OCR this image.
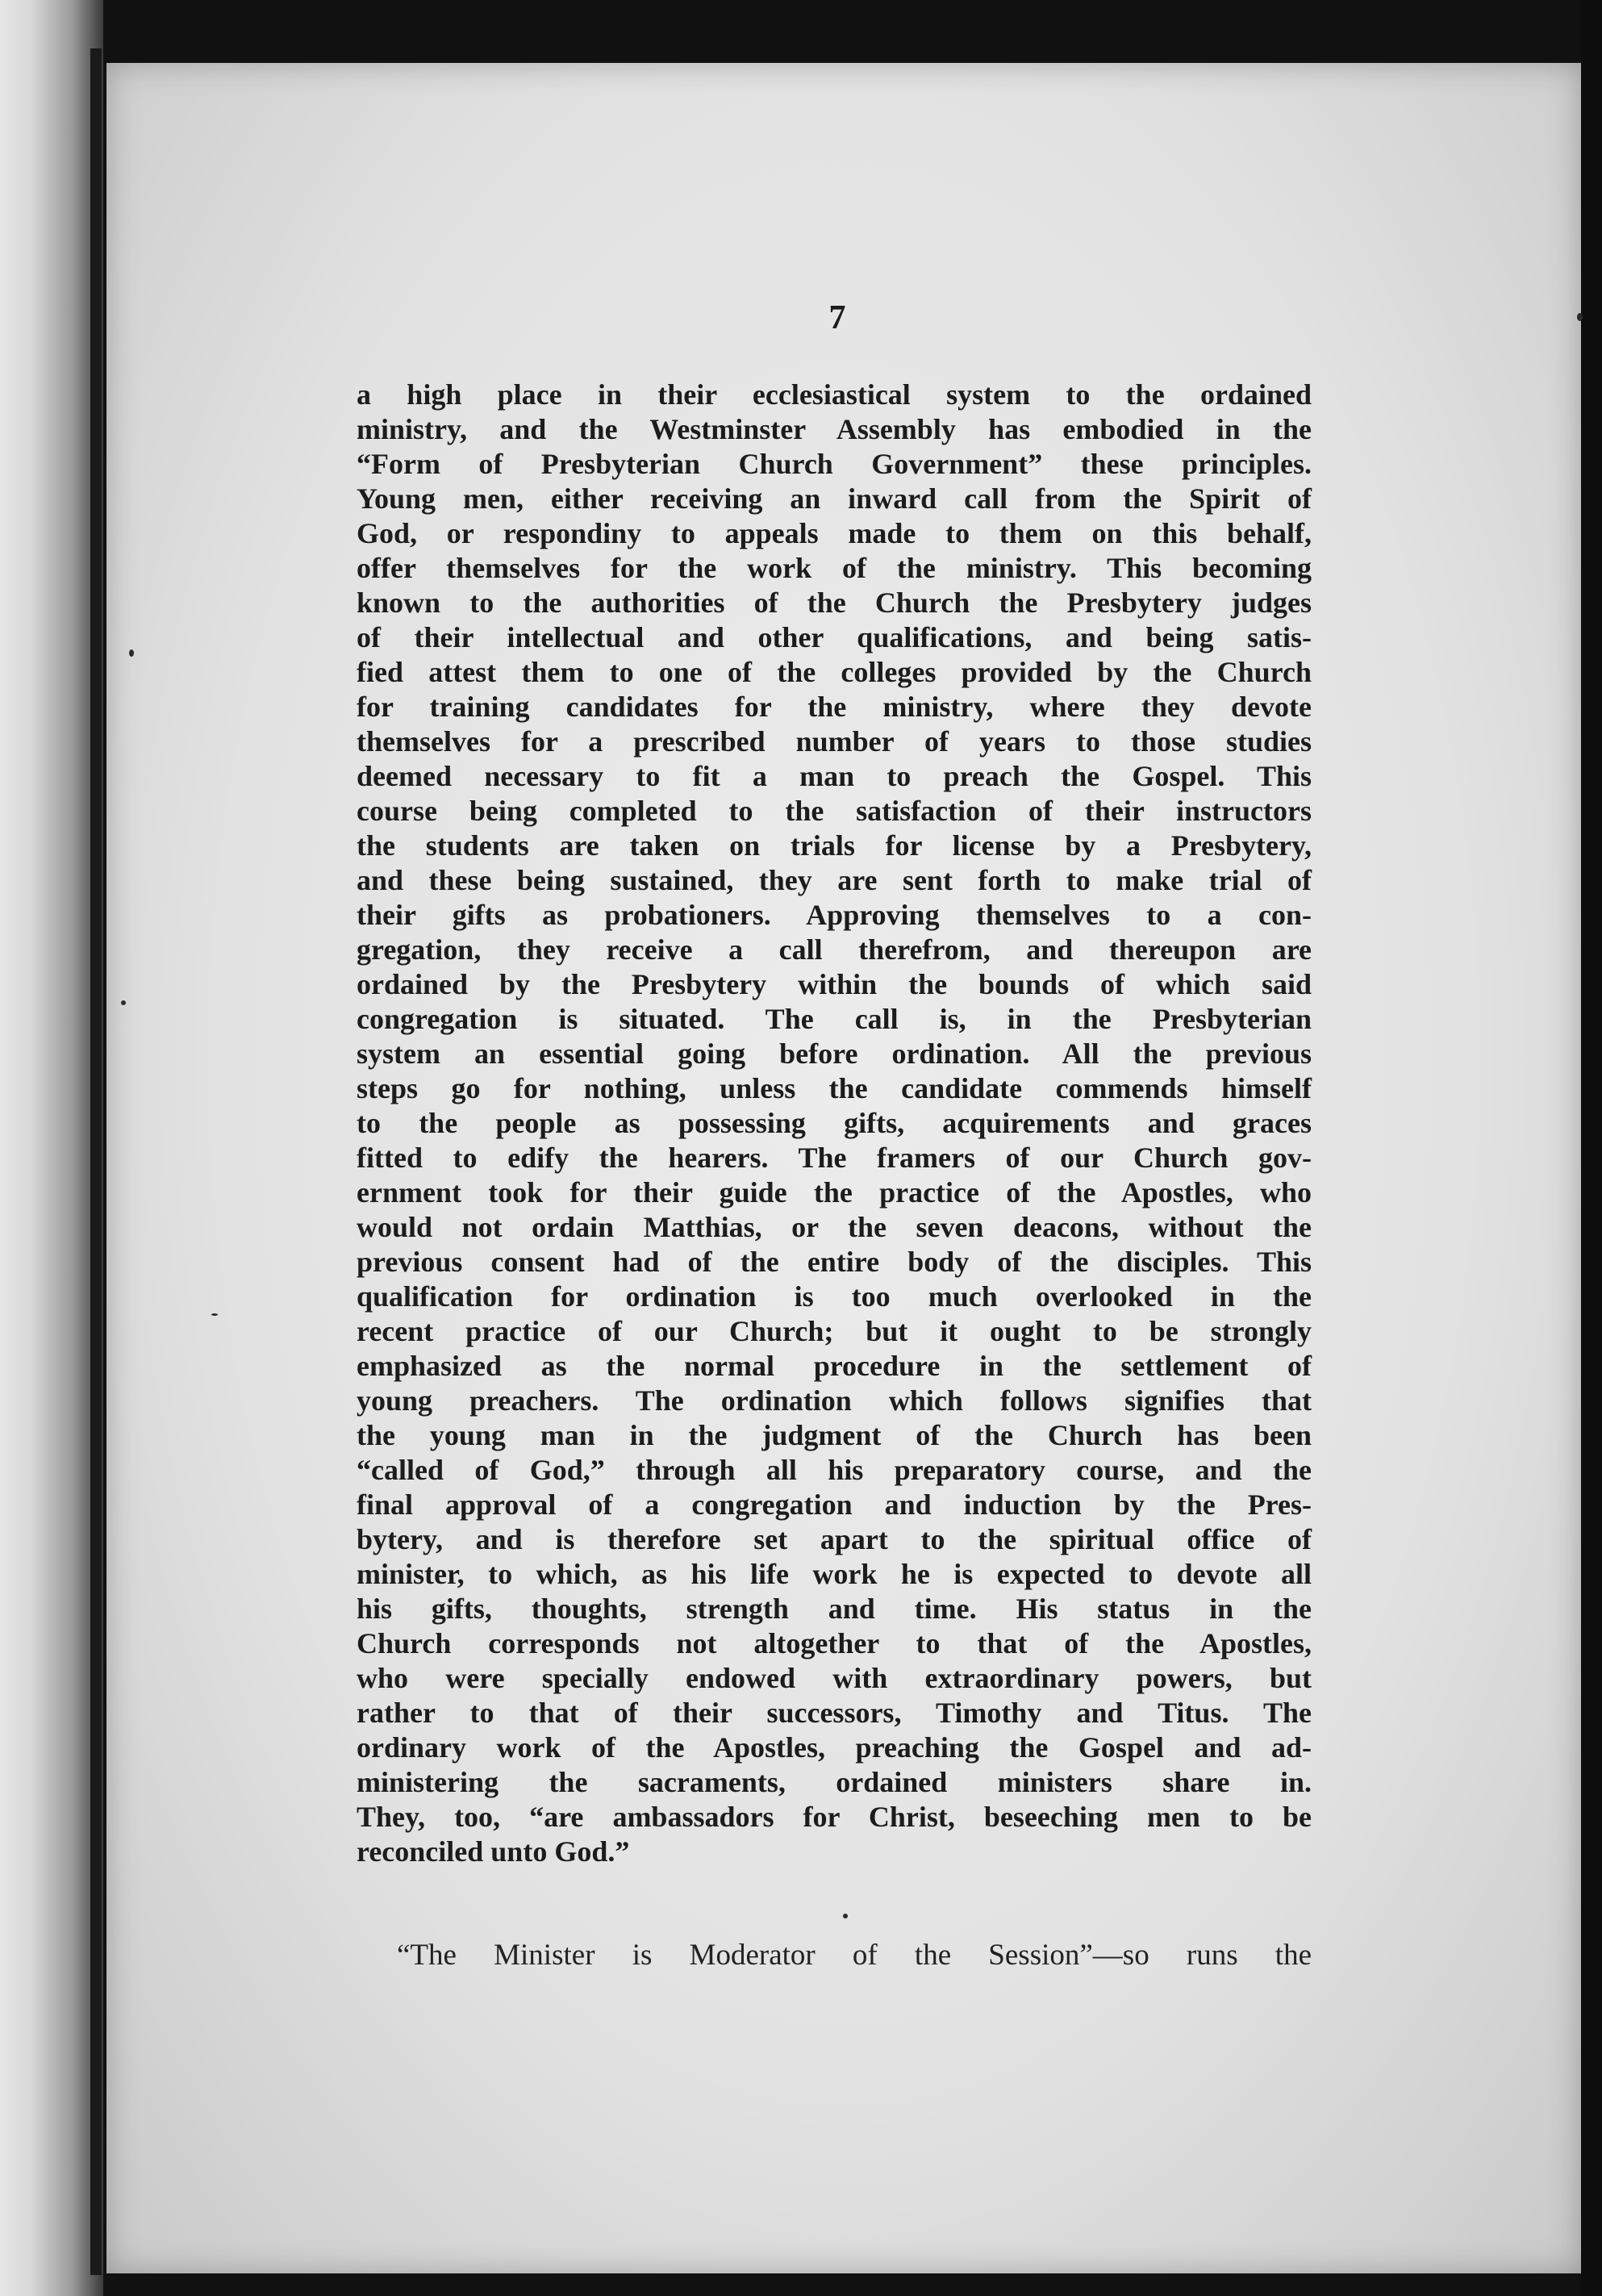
7
a high place in their ecclesiastical system to the ordained
ministry, and the Westminster Assembly has embodied in the
“Form of Presbyterian Church Government” these principles.
Young men, either receiving an inward call from the Spirit of
God, or respondiny to appeals made to them on this behalf,
offer themselves for the work of the ministry. This becoming
known to the authorities of the Church the Presbytery judges
of their intellectual and other qualifications, and being satis-
fied attest them to one of the colleges provided by the Church
for training candidates for the ministry, where they devote
themselves for a prescribed number of years to those studies
deemed necessary to fit a man to preach the Gospel. This
course being completed to the satisfaction of their instructors
the students are taken on trials for license by a Presbytery,
and these being sustained, they are sent forth to make trial of
their gifts as probationers. Approving themselves to a con-
gregation, they receive a call therefrom, and thereupon are
ordained by the Presbytery within the bounds of which said
congregation is situated. The call is, in the Presbyterian
system an essential going before ordination. All the previous
steps go for nothing, unless the candidate commends himself
to the people as possessing gifts, acquirements and graces
fitted to edify the hearers. The framers of our Church gov-
ernment took for their guide the practice of the Apostles, who
would not ordain Matthias, or the seven deacons, without the
previous consent had of the entire body of the disciples. This
qualification for ordination is too much overlooked in the
recent practice of our Church; but it ought to be strongly
emphasized as the normal procedure in the settlement of
young preachers. The ordination which follows signifies that
the young man in the judgment of the Church has been
“called of God,” through all his preparatory course, and the
final approval of a congregation and induction by the Pres-
bytery, and is therefore set apart to the spiritual office of
minister, to which, as his life work he is expected to devote all
his gifts, thoughts, strength and time. His status in the
Church corresponds not altogether to that of the Apostles,
who were specially endowed with extraordinary powers, but
rather to that of their successors, Timothy and Titus. The
ordinary work of the Apostles, preaching the Gospel and ad-
ministering the sacraments, ordained ministers share in.
They, too, “are ambassadors for Christ, beseeching men to be
reconciled unto God.”
“The Minister is Moderator of the Session”—so runs the
